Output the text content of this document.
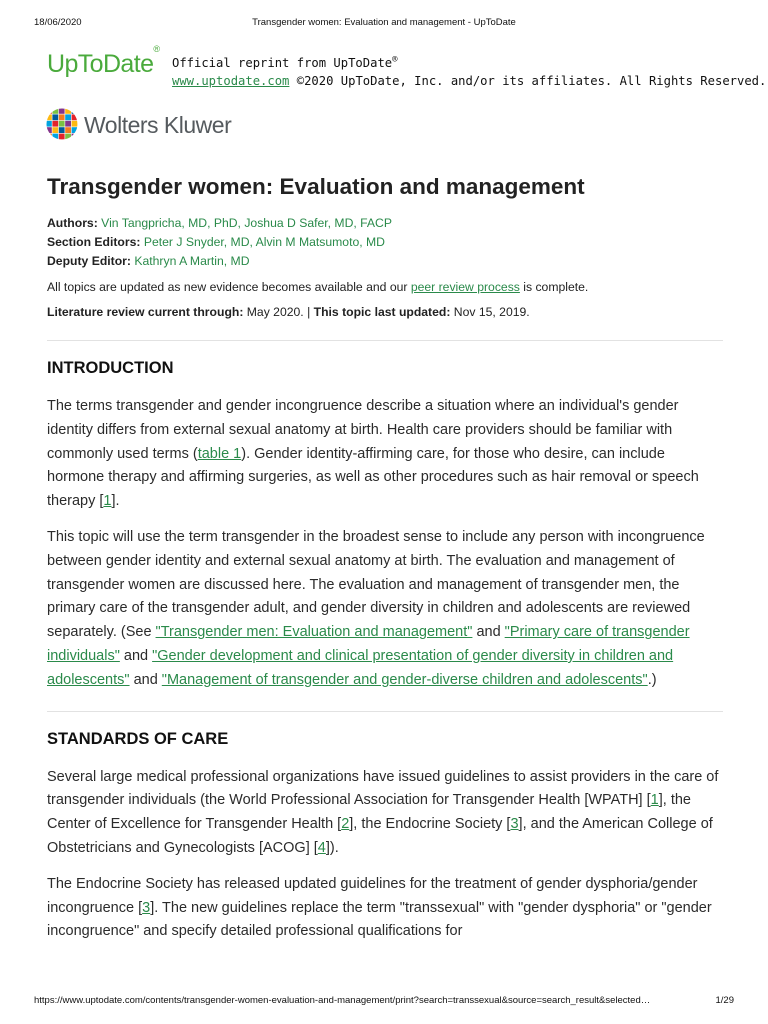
18/06/2020	Transgender women: Evaluation and management - UpToDate
UpToDate®
Official reprint from UpToDate®
www.uptodate.com ©2020 UpToDate, Inc. and/or its affiliates. All Rights Reserved.
Wolters Kluwer
Transgender women: Evaluation and management
Authors: Vin Tangpricha, MD, PhD, Joshua D Safer, MD, FACP
Section Editors: Peter J Snyder, MD, Alvin M Matsumoto, MD
Deputy Editor: Kathryn A Martin, MD
All topics are updated as new evidence becomes available and our peer review process is complete.
Literature review current through: May 2020. | This topic last updated: Nov 15, 2019.
INTRODUCTION

The terms transgender and gender incongruence describe a situation where an individual's gender identity differs from external sexual anatomy at birth. Health care providers should be familiar with commonly used terms (table 1). Gender identity-affirming care, for those who desire, can include hormone therapy and affirming surgeries, as well as other procedures such as hair removal or speech therapy [1].

This topic will use the term transgender in the broadest sense to include any person with incongruence between gender identity and external sexual anatomy at birth. The evaluation and management of transgender women are discussed here. The evaluation and management of transgender men, the primary care of the transgender adult, and gender diversity in children and adolescents are reviewed separately. (See "Transgender men: Evaluation and management" and "Primary care of transgender individuals" and "Gender development and clinical presentation of gender diversity in children and adolescents" and "Management of transgender and gender-diverse children and adolescents".)

STANDARDS OF CARE

Several large medical professional organizations have issued guidelines to assist providers in the care of transgender individuals (the World Professional Association for Transgender Health [WPATH] [1], the Center of Excellence for Transgender Health [2], the Endocrine Society [3], and the American College of Obstetricians and Gynecologists [ACOG] [4]).

The Endocrine Society has released updated guidelines for the treatment of gender dysphoria/gender incongruence [3]. The new guidelines replace the term "transsexual" with "gender dysphoria" or "gender incongruence" and specify detailed professional qualifications for

https://www.uptodate.com/contents/transgender-women-evaluation-and-management/print?search=transsexual&source=search_result&selected…	1/29
